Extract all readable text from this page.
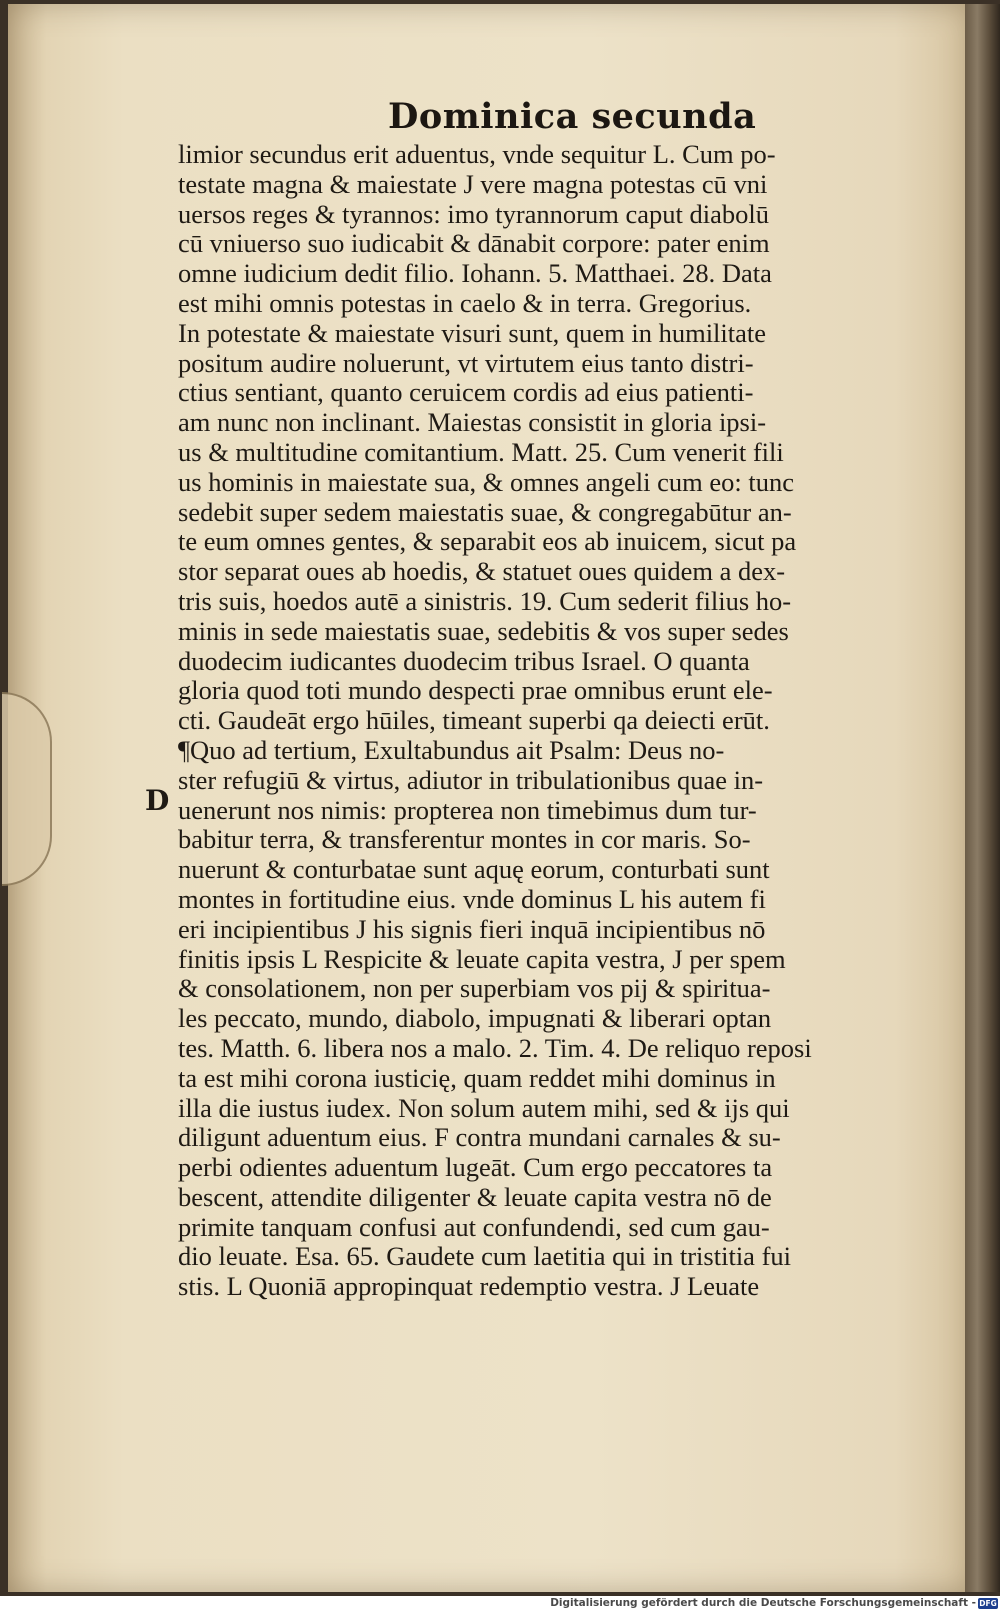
Dominica secunda
D
limior secundus erit aduentus, vnde sequitur L. Cum po-
testate magna & maiestate J vere magna potestas cū vni
uersos reges & tyrannos: imo tyrannorum caput diabolū
cū vniuerso suo iudicabit & dānabit corpore: pater enim
omne iudicium dedit filio. Iohann. 5. Matthaei. 28. Data
est mihi omnis potestas in caelo & in terra. Gregorius.
In potestate & maiestate visuri sunt, quem in humilitate
positum audire noluerunt, vt virtutem eius tanto distri-
ctius sentiant, quanto ceruicem cordis ad eius patienti-
am nunc non inclinant. Maiestas consistit in gloria ipsi-
us & multitudine comitantium. Matt. 25. Cum venerit fili
us hominis in maiestate sua, & omnes angeli cum eo: tunc
sedebit super sedem maiestatis suae, & congregabūtur an-
te eum omnes gentes, & separabit eos ab inuicem, sicut pa
stor separat oues ab hoedis, & statuet oues quidem a dex-
tris suis, hoedos autē a sinistris. 19. Cum sederit filius ho-
minis in sede maiestatis suae, sedebitis & vos super sedes
duodecim iudicantes duodecim tribus Israel. O quanta
gloria quod toti mundo despecti prae omnibus erunt ele-
cti. Gaudeāt ergo hūiles, timeant superbi qa deiecti erūt.
¶Quo ad tertium, Exultabundus ait Psalm: Deus no-
ster refugiū & virtus, adiutor in tribulationibus quae in-
uenerunt nos nimis: propterea non timebimus dum tur-
babitur terra, & transferentur montes in cor maris. So-
nuerunt & conturbatae sunt aquę eorum, conturbati sunt
montes in fortitudine eius. vnde dominus L his autem fi
eri incipientibus J his signis fieri inquā incipientibus nō
finitis ipsis L Respicite & leuate capita vestra, J per spem
& consolationem, non per superbiam vos pij & spiritua-
les peccato, mundo, diabolo, impugnati & liberari optan
tes. Matth. 6. libera nos a malo. 2. Tim. 4. De reliquo reposi
ta est mihi corona iusticię, quam reddet mihi dominus in
illa die iustus iudex. Non solum autem mihi, sed & ijs qui
diligunt aduentum eius. F contra mundani carnales & su-
perbi odientes aduentum lugeāt. Cum ergo peccatores ta
bescent, attendite diligenter & leuate capita vestra nō de
primite tanquam confusi aut confundendi, sed cum gau-
dio leuate. Esa. 65. Gaudete cum laetitia qui in tristitia fui
stis. L Quoniā appropinquat redemptio vestra. J Leuate
Digitalisierung gefördert durch die Deutsche Forschungsgemeinschaft - DFG
